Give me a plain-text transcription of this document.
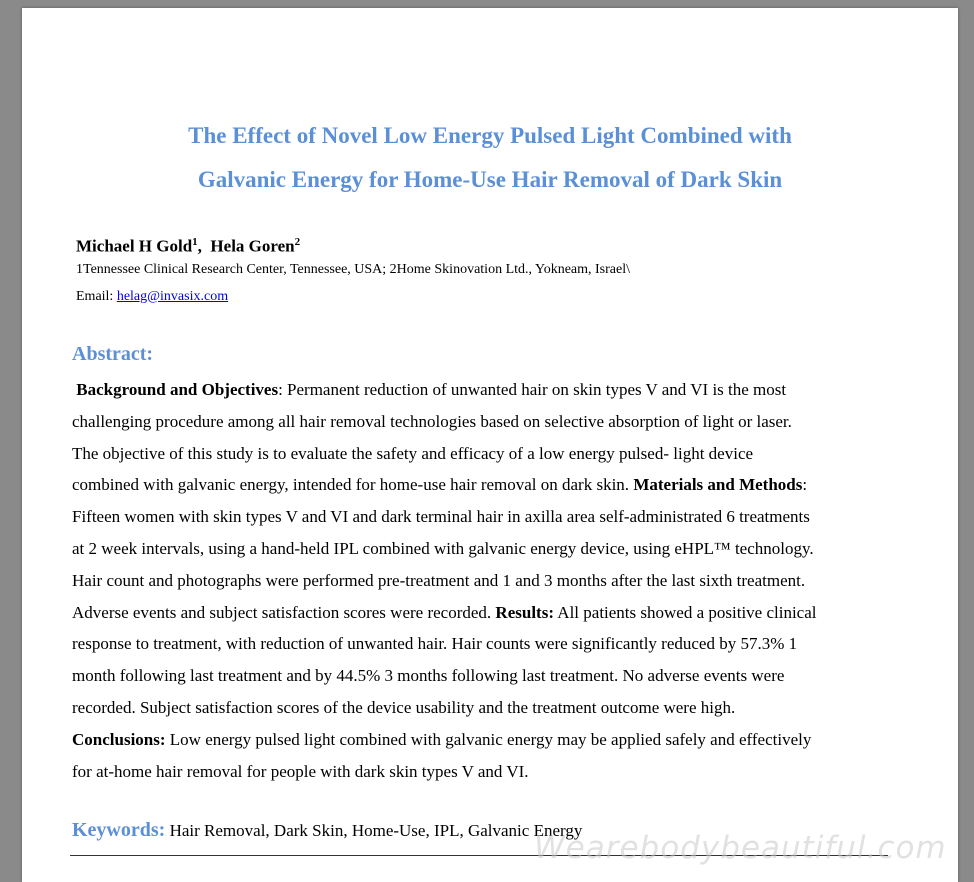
The Effect of Novel Low Energy Pulsed Light Combined with
Galvanic Energy for Home-Use Hair Removal of Dark Skin
Michael H Gold$^1$,  Hela Goren$^2$
1Tennessee Clinical Research Center, Tennessee, USA; 2Home Skinovation Ltd., Yokneam, Israel\
Email: helag@invasix.com
Abstract:
Background and Objectives: Permanent reduction of unwanted hair on skin types V and VI is the most
challenging procedure among all hair removal technologies based on selective absorption of light or laser.
The objective of this study is to evaluate the safety and efficacy of a low energy pulsed- light device
combined with galvanic energy, intended for home-use hair removal on dark skin. Materials and Methods:
Fifteen women with skin types V and VI and dark terminal hair in axilla area self-administrated 6 treatments
at 2 week intervals, using a hand-held IPL combined with galvanic energy device, using eHPL™ technology.
Hair count and photographs were performed pre-treatment and 1 and 3 months after the last sixth treatment.
Adverse events and subject satisfaction scores were recorded. Results: All patients showed a positive clinical
response to treatment, with reduction of unwanted hair. Hair counts were significantly reduced by 57.3% 1
month following last treatment and by 44.5% 3 months following last treatment. No adverse events were
recorded. Subject satisfaction scores of the device usability and the treatment outcome were high.
Conclusions: Low energy pulsed light combined with galvanic energy may be applied safely and effectively
for at-home hair removal for people with dark skin types V and VI.
Keywords: Hair Removal, Dark Skin, Home-Use, IPL, Galvanic Energy
Wearebodybeautiful.com
